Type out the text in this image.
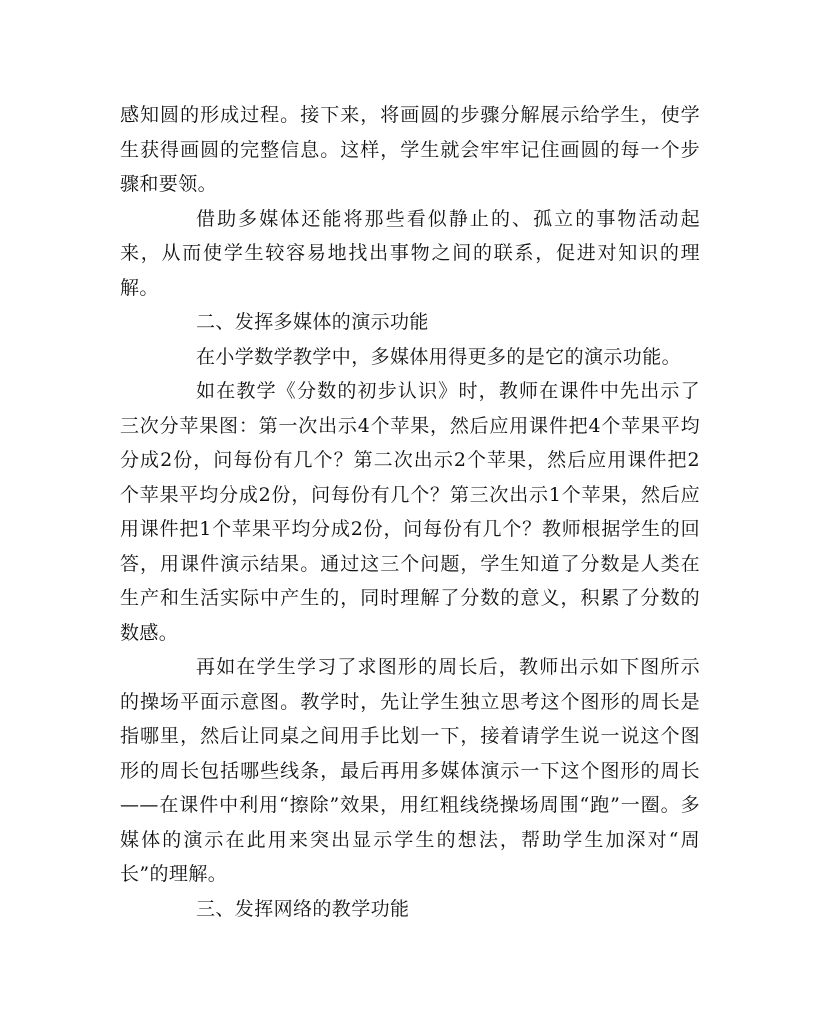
感知圆的形成过程。接下来，将画圆的步骤分解展示给学生，使学生获得画圆的完整信息。这样，学生就会牢牢记住画圆的每一个步骤和要领。

借助多媒体还能将那些看似静止的、孤立的事物活动起来，从而使学生较容易地找出事物之间的联系，促进对知识的理解。

二、发挥多媒体的演示功能

在小学数学教学中，多媒体用得更多的是它的演示功能。

如在教学《分数的初步认识》时，教师在课件中先出示了三次分苹果图：第一次出示4个苹果，然后应用课件把4个苹果平均分成2份，问每份有几个？第二次出示2个苹果，然后应用课件把2个苹果平均分成2份，问每份有几个？第三次出示1个苹果，然后应用课件把1个苹果平均分成2份，问每份有几个？教师根据学生的回答，用课件演示结果。通过这三个问题，学生知道了分数是人类在生产和生活实际中产生的，同时理解了分数的意义，积累了分数的数感。

再如在学生学习了求图形的周长后，教师出示如下图所示的操场平面示意图。教学时，先让学生独立思考这个图形的周长是指哪里，然后让同桌之间用手比划一下，接着请学生说一说这个图形的周长包括哪些线条，最后再用多媒体演示一下这个图形的周长——在课件中利用“擦除”效果，用红粗线绕操场周围“跑”一圈。多媒体的演示在此用来突出显示学生的想法，帮助学生加深对“周长”的理解。

三、发挥网络的教学功能
